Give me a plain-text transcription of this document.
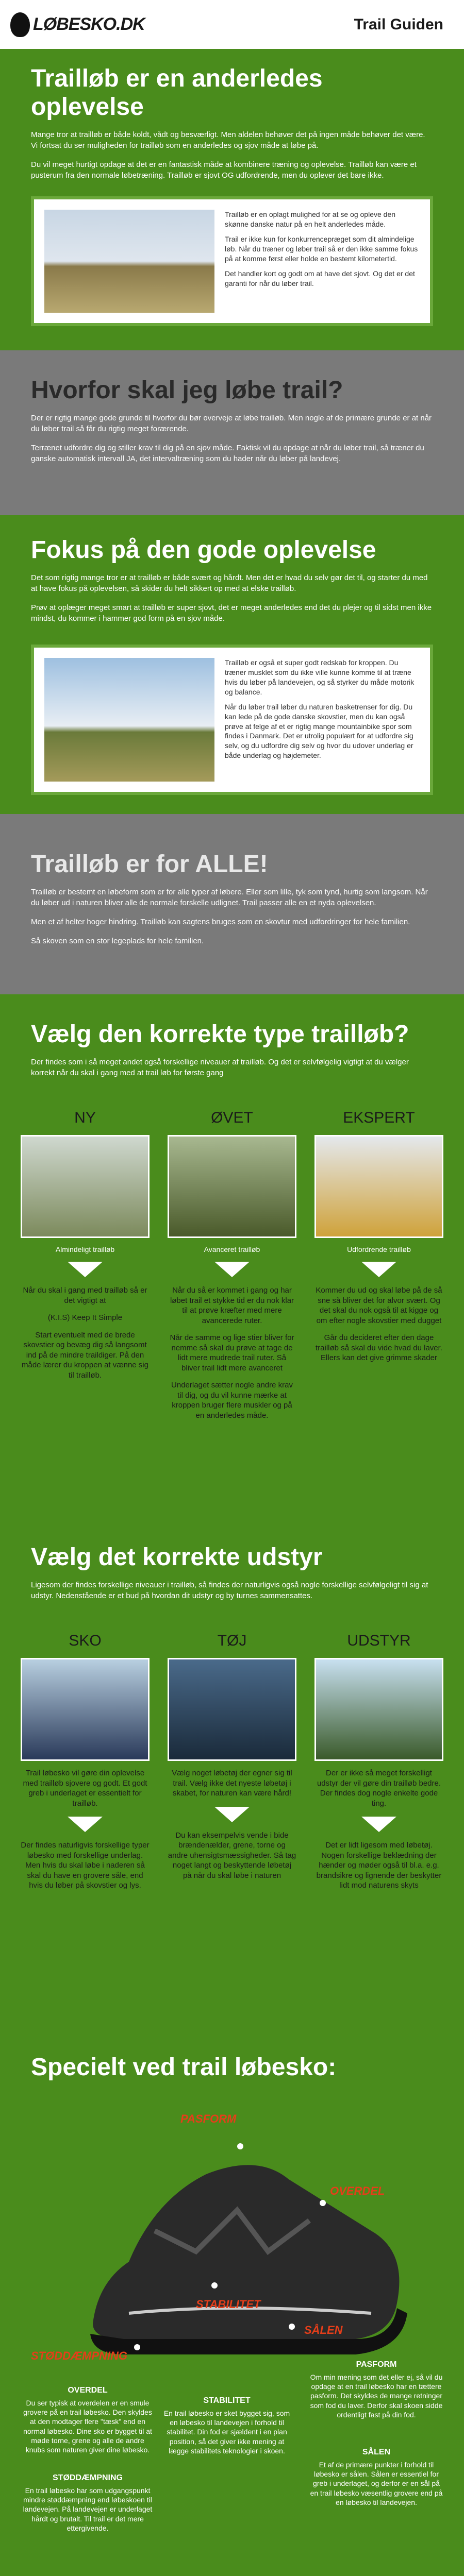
LØBESKO.DK	Trail Guiden
Trailløb er en anderledes oplevelse

Mange tror at trailløb er både koldt, vådt og besværligt. Men aldelen behøver det på ingen måde behøver det være. Vi fortsat du ser muligheden for trailløb som en anderledes og sjov måde at løbe på.

Du vil meget hurtigt opdage at det er en fantastisk måde at kombinere træning og oplevelse. Trailløb kan være et pusterum fra den normale løbetræning. Trailløb er sjovt OG udfordrende, men du oplever det bare ikke.

Trailløb er en oplagt mulighed for at se og opleve den skønne danske natur på en helt anderledes måde.

Trail er ikke kun for konkurrencepræget som dit almindelige løb. Når du træner og løber trail så er den ikke samme fokus på at komme først eller holde en bestemt kilometertid.

Det handler kort og godt om at have det sjovt. Og det er det garanti for når du løber trail.

Hvorfor skal jeg løbe trail?

Der er rigtig mange gode grunde til hvorfor du bør overveje at løbe trailløb. Men nogle af de primære grunde er at når du løber trail så får du rigtig meget forærende.

Terrænet udfordre dig og stiller krav til dig på en sjov måde. Faktisk vil du opdage at når du løber trail, så træner du ganske automatisk intervall JA, det intervaltræning som du hader når du løber på landevej.

Fokus på den gode oplevelse

Det som rigtig mange tror er at trailløb er både svært og hårdt. Men det er hvad du selv gør det til, og starter du med at have fokus på oplevelsen, så skider du helt sikkert op med at elske trailløb.

Prøv at oplæger meget smart at trailløb er super sjovt, det er meget anderledes end det du plejer og til sidst men ikke mindst, du kommer i hammer god form på en sjov måde.

Trailløb er også et super godt redskab for kroppen. Du træner musklet som du ikke ville kunne komme til at træne hvis du løber på landevejen, og så styrker du måde motorik og balance.

Når du løber trail løber du naturen basketrenser for dig. Du kan lede på de gode danske skovstier, men du kan også prøve at felge af et er rigtig mange mountainbike spor som findes i Danmark. Det er utrolig populært for at udfordre sig selv, og du udfordre dig selv og hvor du udover underlag er både underlag og højdemeter.

Trailløb er for ALLE!

Trailløb er bestemt en løbeform som er for alle typer af løbere. Eller som lille, tyk som tynd, hurtig som langsom. Når du løber ud i naturen bliver alle de normale forskelle udlignet. Trail passer alle en et nyda oplevelsen.

Men et af helter hoger hindring. Trailløb kan sagtens bruges som en skovtur med udfordringer for hele familien.

Så skoven som en stor legeplads for hele familien.

Vælg den korrekte type trailløb?

Der findes som i så meget andet også forskellige niveauer af trailløb. Og det er selvfølgelig vigtigt at du vælger korrekt når du skal i gang med at trail løb for første gang

NY
Almindeligt trailløb

Når du skal i gang med trailløb så er det vigtigt at

(K.I.S) Keep It Simple

Start eventuelt med de brede skovstier og bevæg dig så langsomt ind på de mindre traildiger. På den måde lærer du kroppen at vænne sig til trailløb.

ØVET
Avanceret trailløb

Når du så er kommet i gang og har løbet trail et stykke tid er du nok klar til at prøve kræfter med mere avancerede ruter.

Når de samme og lige stier bliver for nemme så skal du prøve at tage de lidt mere mudrede trail ruter. Så bliver trail lidt mere avanceret

Underlaget sætter nogle andre krav til dig, og du vil kunne mærke at kroppen bruger flere muskler og på en anderledes måde.

EKSPERT
Udfordrende trailløb

Kommer du ud og skal løbe på de så sne så bliver det for alvor svært. Og det skal du nok også til at kigge og om efter nogle skovstier med dugget

Går du decideret efter den dage trailløb så skal du vide hvad du laver. Ellers kan det give grimme skader

Vælg det korrekte udstyr

Ligesom der findes forskellige niveauer i trailløb, så findes der naturligvis også nogle forskellige selvfølgeligt til sig at udstyr. Nedenstående er et bud på hvordan dit udstyr og by turnes sammensattes.

SKO
Trail løbesko vil gøre din oplevelse med trailløb sjovere og godt. Et godt greb i underlaget er essentielt for trailløb.
Der findes naturligvis forskellige typer løbesko med forskellige underlag. Men hvis du skal løbe i naderen så skal du have en grovere såle, end hvis du løber på skovstier og lys.
TØJ
Vælg noget løbetøj der egner sig til trail. Vælg ikke det nyeste løbetøj i skabet, for naturen kan være hård!
Du kan eksempelvis vende i bide brændenælder, grene, torne og andre uhensigtsmæssigheder. Så tag noget langt og beskyttende løbetøj på når du skal løbe i naturen
UDSTYR
Der er ikke så meget forskelligt udstyr der vil gøre din trailløb bedre. Der findes dog nogle enkelte gode ting.
Det er lidt ligesom med løbetøj. Nogen forskellige beklædning der hænder og møder også til bl.a. e.g. brandsikre og lignende der beskytter lidt mod naturens skyts
Specielt ved trail løbesko:
PASFORM
OVERDEL
STABILITET
SÅLEN
STØDDÆMPNING
OVERDEL
Du ser typisk at overdelen er en smule grovere på en trail løbesko. Den skyldes at den modtager flere "tæsk" end en normal løbesko. Dine sko er bygget til at møde torne, grene og alle de andre knubs som naturen giver dine løbesko.
STØDDÆMPNING
En trail løbesko har som udgangspunkt mindre støddæmpning end løbeskoen til landevejen. På landevejen er underlaget hårdt og brutalt. Til trail er det mere ettergivende.
STABILITET
En trail løbesko er sket bygget sig, som en løbesko til landevejen i forhold til stabilitet. Din fod er sjældent i en plan position, så det giver ikke mening at lægge stabilitets teknologier i skoen.
PASFORM
Om min mening som det eller ej, så vil du opdage at en trail løbesko har en tættere pasform. Det skyldes de mange retninger som fod du laver. Derfor skal skoen sidde ordentligt fast på din fod.
SÅLEN
Et af de primære punkter i forhold til løbesko er sålen. Sålen er essentiel for greb i underlaget, og derfor er en sål på en trail løbesko væsentlig grovere end på en løbesko til landevejen.
